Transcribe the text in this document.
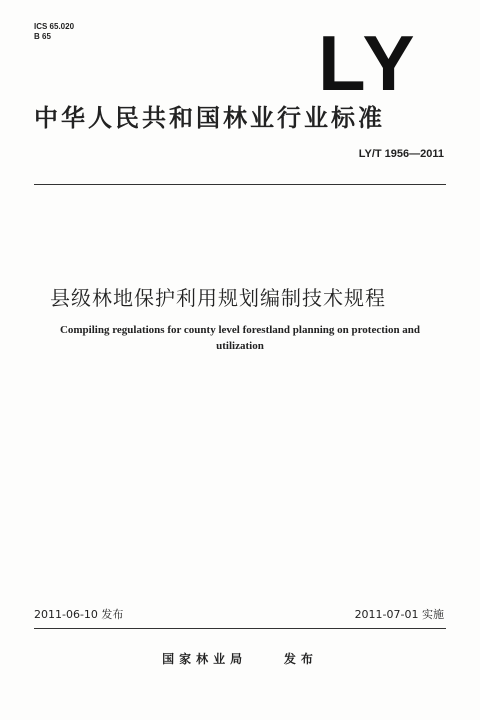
ICS 65.020
B 65	LY
中华人民共和国林业行业标准
LY/T 1956—2011
县级林地保护利用规划编制技术规程
Compiling regulations for county level forestland planning on protection and utilization
2011-06-10 发布	2011-07-01 实施
国家林业局    发布
